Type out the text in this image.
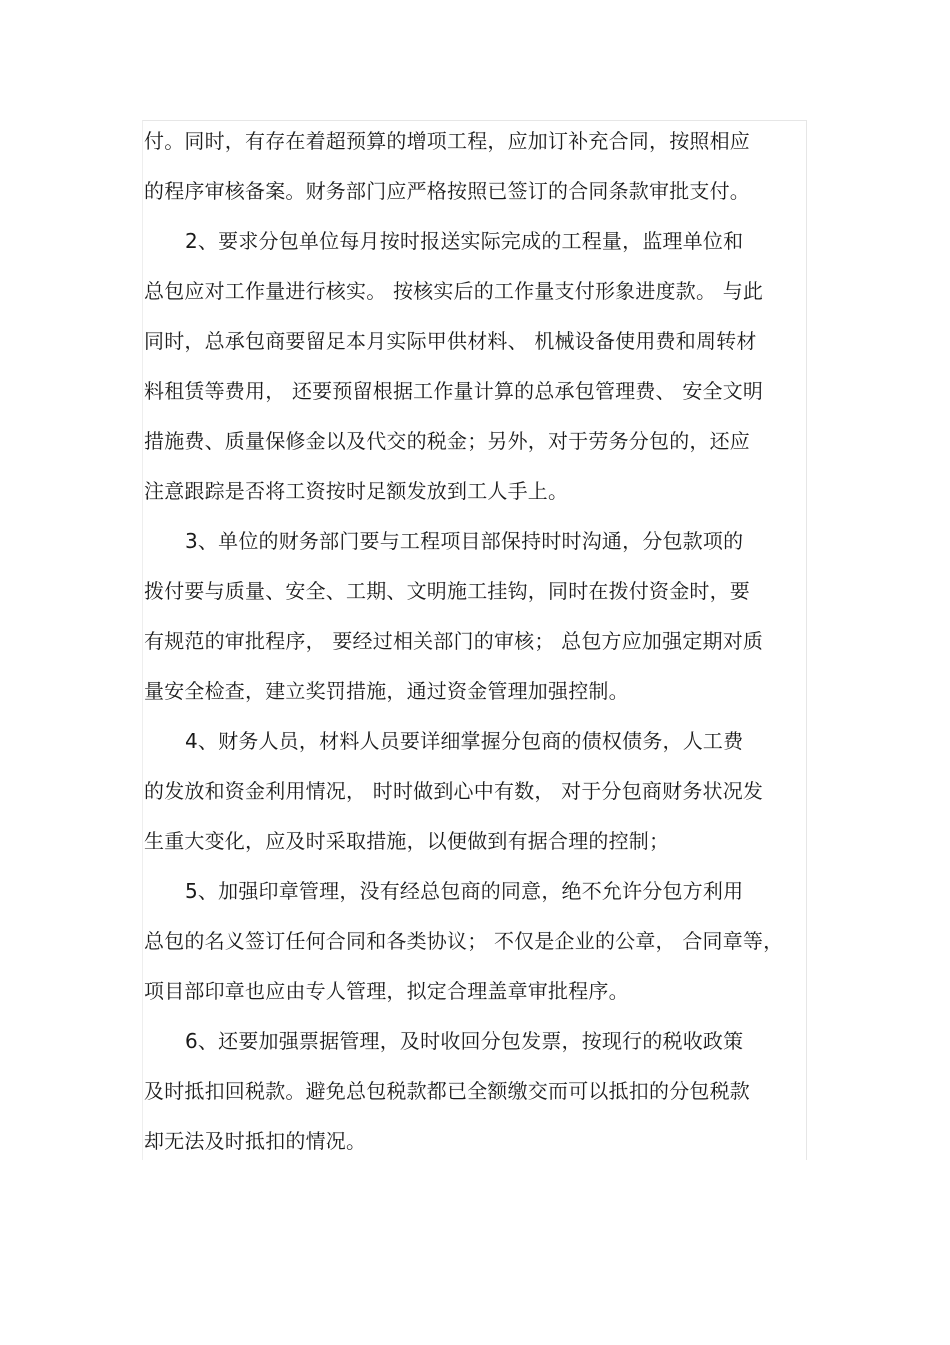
付。同时，有存在着超预算的增项工程，应加订补充合同，按照相应
的程序审核备案。财务部门应严格按照已签订的合同条款审批支付。
2、要求分包单位每月按时报送实际完成的工程量，监理单位和
总包应对工作量进行核实。 按核实后的工作量支付形象进度款。 与此
同时，总承包商要留足本月实际甲供材料、 机械设备使用费和周转材
料租赁等费用， 还要预留根据工作量计算的总承包管理费、 安全文明
措施费、质量保修金以及代交的税金；另外，对于劳务分包的，还应
注意跟踪是否将工资按时足额发放到工人手上。
3、单位的财务部门要与工程项目部保持时时沟通，分包款项的
拨付要与质量、安全、工期、文明施工挂钩，同时在拨付资金时，要
有规范的审批程序， 要经过相关部门的审核； 总包方应加强定期对质
量安全检查，建立奖罚措施，通过资金管理加强控制。
4、财务人员，材料人员要详细掌握分包商的债权债务，人工费
的发放和资金利用情况， 时时做到心中有数， 对于分包商财务状况发
生重大变化，应及时采取措施，以便做到有据合理的控制；
5、加强印章管理，没有经总包商的同意，绝不允许分包方利用
总包的名义签订任何合同和各类协议； 不仅是企业的公章， 合同章等，
项目部印章也应由专人管理，拟定合理盖章审批程序。
6、还要加强票据管理，及时收回分包发票，按现行的税收政策
及时抵扣回税款。避免总包税款都已全额缴交而可以抵扣的分包税款
却无法及时抵扣的情况。
